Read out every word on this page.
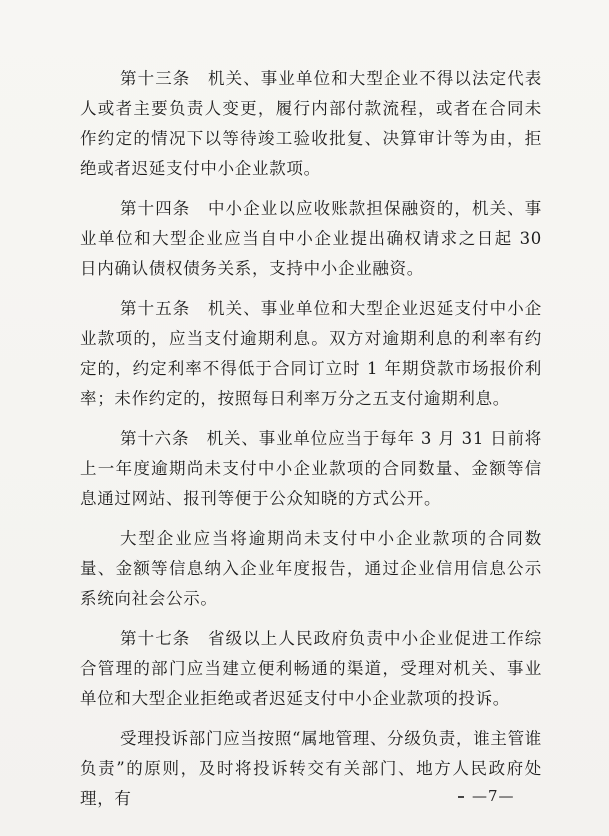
第十三条　机关、事业单位和大型企业不得以法定代表人或者主要负责人变更，履行内部付款流程，或者在合同未作约定的情况下以等待竣工验收批复、决算审计等为由，拒绝或者迟延支付中小企业款项。

第十四条　中小企业以应收账款担保融资的，机关、事业单位和大型企业应当自中小企业提出确权请求之日起 30 日内确认债权债务关系，支持中小企业融资。

第十五条　机关、事业单位和大型企业迟延支付中小企业款项的，应当支付逾期利息。双方对逾期利息的利率有约定的，约定利率不得低于合同订立时 1 年期贷款市场报价利率；未作约定的，按照每日利率万分之五支付逾期利息。

第十六条　机关、事业单位应当于每年 3 月 31 日前将上一年度逾期尚未支付中小企业款项的合同数量、金额等信息通过网站、报刊等便于公众知晓的方式公开。

大型企业应当将逾期尚未支付中小企业款项的合同数量、金额等信息纳入企业年度报告，通过企业信用信息公示系统向社会公示。

第十七条　省级以上人民政府负责中小企业促进工作综合管理的部门应当建立便利畅通的渠道，受理对机关、事业单位和大型企业拒绝或者迟延支付中小企业款项的投诉。

受理投诉部门应当按照“属地管理、分级负责，谁主管谁负责”的原则，及时将投诉转交有关部门、地方人民政府处理，有	—7—
